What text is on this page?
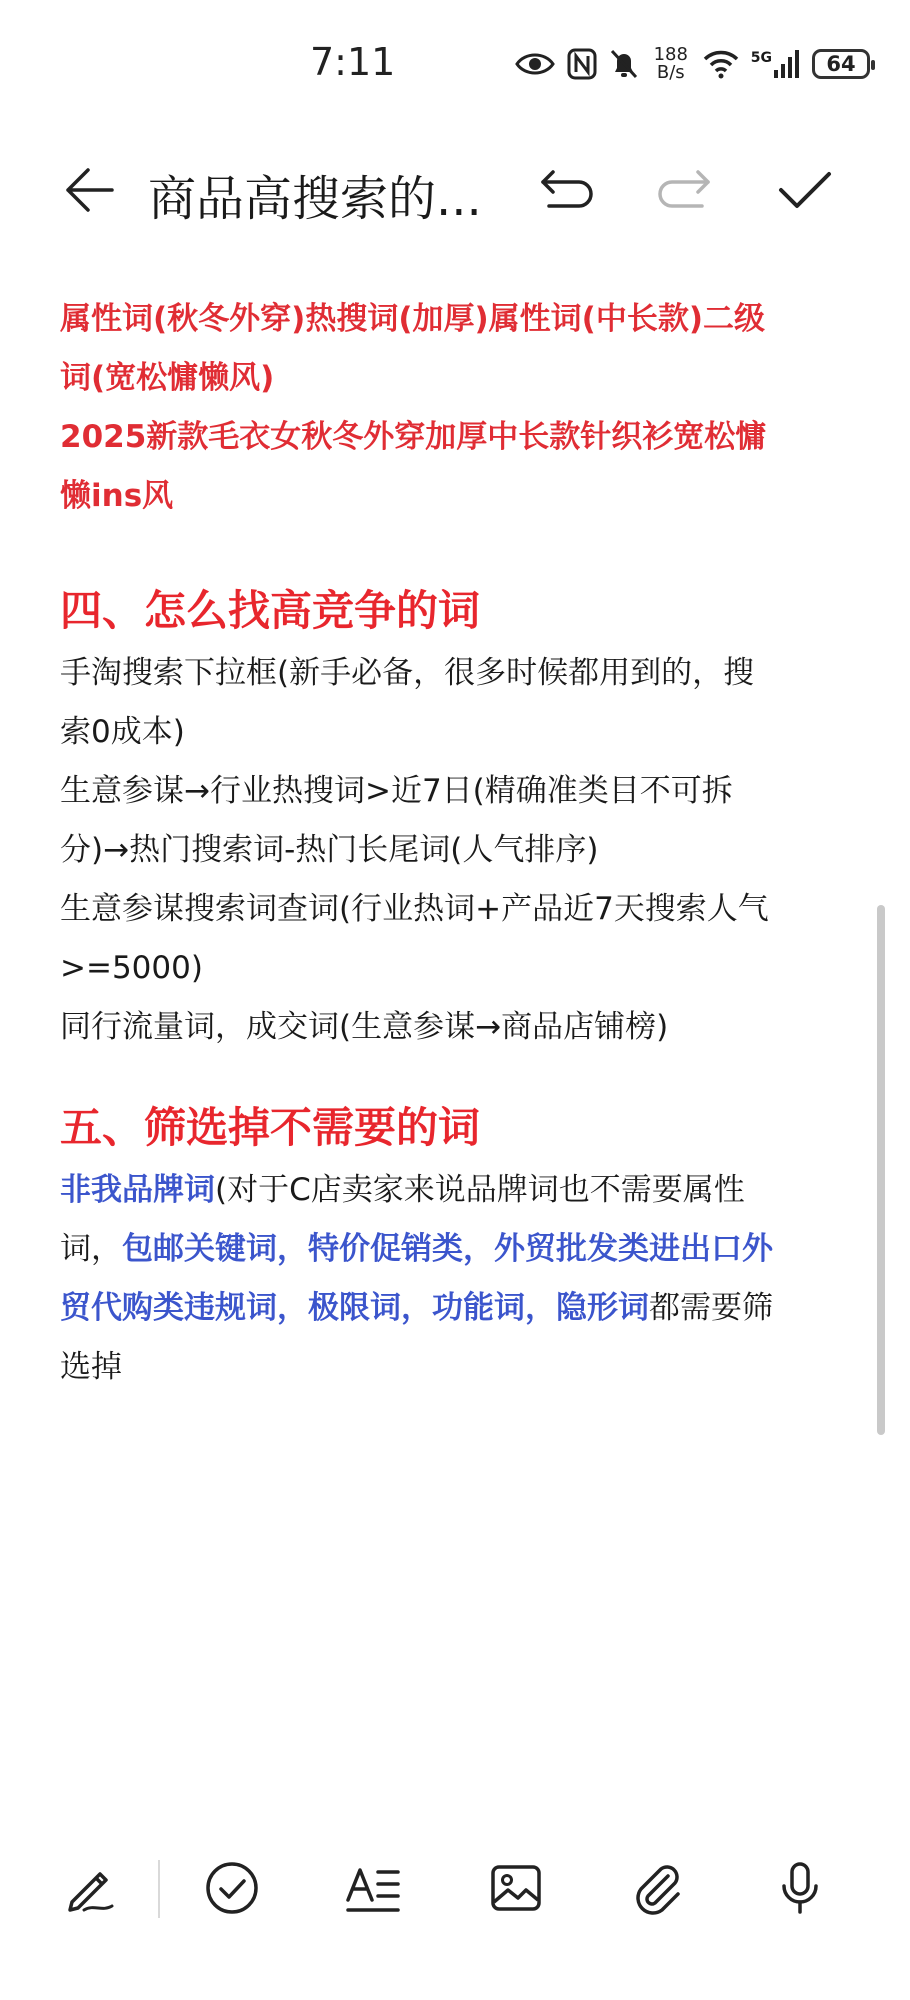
7:11	188
B/s
5G	64
商品高搜索的...
属性词(秋冬外穿)热搜词(加厚)属性词(中长款)二级
词(宽松慵懒风)
2025新款毛衣女秋冬外穿加厚中长款针织衫宽松慵
懒ins风
四、怎么找高竞争的词
手淘搜索下拉框(新手必备，很多时候都用到的，搜
索0成本)
生意参谋→行业热搜词>近7日(精确准类目不可拆
分)→热门搜索词-热门长尾词(人气排序)
生意参谋搜索词查词(行业热词+产品近7天搜索人气
>=5000)
同行流量词，成交词(生意参谋→商品店铺榜)
五、筛选掉不需要的词
非我品牌词(对于C店卖家来说品牌词也不需要属性
词，包邮关键词，特价促销类，外贸批发类进出口外
贸代购类违规词，极限词，功能词，隐形词都需要筛
选掉
